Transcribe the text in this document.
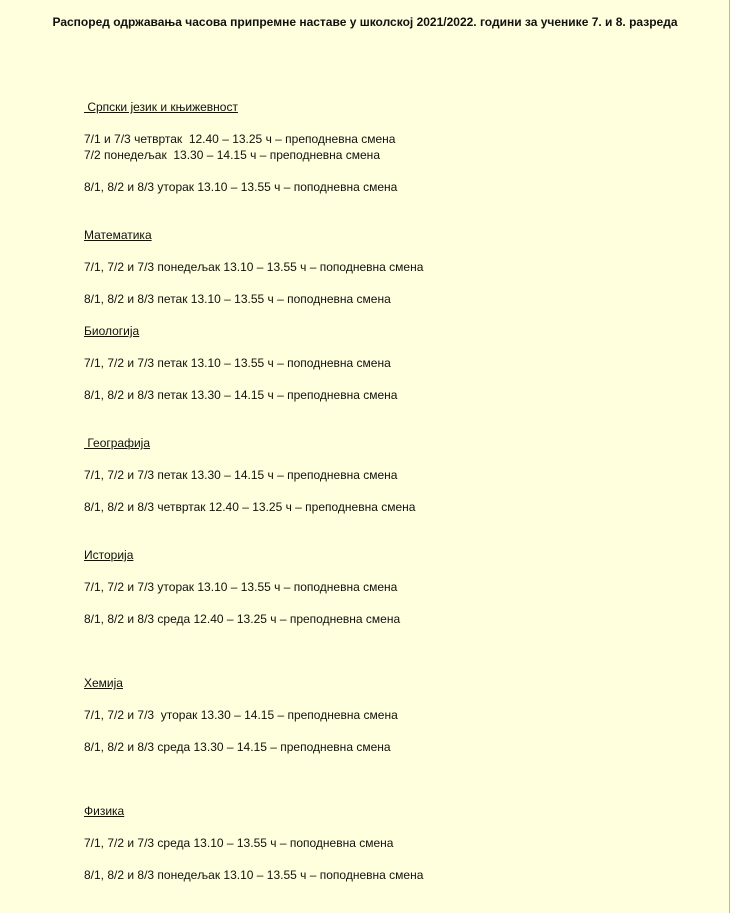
Распоред одржавања часова припремне наставе у школској 2021/2022. години за ученике 7. и 8. разреда
Српски језик и књижевност
7/1 и 7/3 четвртак  12.40 – 13.25 ч – преподневна смена
7/2 понедељак  13.30 – 14.15 ч – преподневна смена
8/1, 8/2 и 8/3 уторак 13.10 – 13.55 ч – поподневна смена
Математика
7/1, 7/2 и 7/3 понедељак 13.10 – 13.55 ч – поподневна смена
8/1, 8/2 и 8/3 петак 13.10 – 13.55 ч – поподневна смена
Биологија
7/1, 7/2 и 7/3 петак 13.10 – 13.55 ч – поподневна смена
8/1, 8/2 и 8/3 петак 13.30 – 14.15 ч – преподневна смена
Географија
7/1, 7/2 и 7/3 петак 13.30 – 14.15 ч – преподневна смена
8/1, 8/2 и 8/3 четвртак 12.40 – 13.25 ч – преподневна смена
Историја
7/1, 7/2 и 7/3 уторак 13.10 – 13.55 ч – поподневна смена
8/1, 8/2 и 8/3 среда 12.40 – 13.25 ч – преподневна смена
Хемија
7/1, 7/2 и 7/3  уторак 13.30 – 14.15 – преподневна смена
8/1, 8/2 и 8/3 среда 13.30 – 14.15 – преподневна смена
Физика
7/1, 7/2 и 7/3 среда 13.10 – 13.55 ч – поподневна смена
8/1, 8/2 и 8/3 понедељак 13.10 – 13.55 ч – поподневна смена
